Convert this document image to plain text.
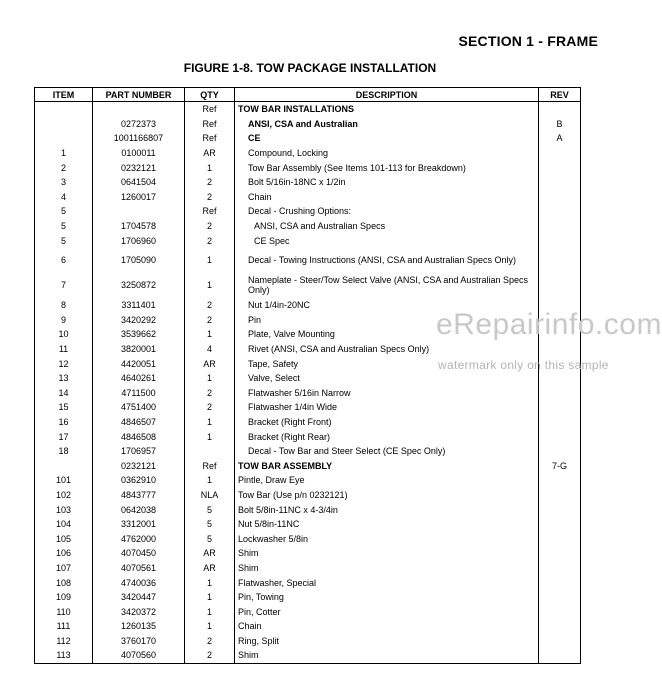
SECTION 1 - FRAME
FIGURE 1-8. TOW PACKAGE INSTALLATION
ITEM	PART NUMBER	QTY	DESCRIPTION	REV
		Ref	TOW BAR INSTALLATIONS	
	0272373	Ref	ANSI, CSA and Australian	B
	1001166807	Ref	CE	A
1	0100011	AR	Compound, Locking	
2	0232121	1	Tow Bar Assembly (See Items 101-113 for Breakdown)	
3	0641504	2	Bolt 5/16in-18NC x 1/2in	
4	1260017	2	Chain	
5		Ref	Decal - Crushing Options:	
5	1704578	2	ANSI, CSA and Australian Specs	
5	1706960	2	CE Spec	
6	1705090	1	Decal - Towing Instructions (ANSI, CSA and Australian Specs Only)	
7	3250872	1	Nameplate - Steer/Tow Select Valve (ANSI, CSA and Australian Specs Only)	
8	3311401	2	Nut 1/4in-20NC	
9	3420292	2	Pin	
10	3539662	1	Plate, Valve Mounting	
11	3820001	4	Rivet (ANSI, CSA and Australian Specs Only)	
12	4420051	AR	Tape, Safety	
13	4640261	1	Valve, Select	
14	4711500	2	Flatwasher 5/16in Narrow	
15	4751400	2	Flatwasher 1/4in Wide	
16	4846507	1	Bracket (Right Front)	
17	4846508	1	Bracket (Right Rear)	
18	1706957		Decal - Tow Bar and Steer Select (CE Spec Only)	
	0232121	Ref	TOW BAR ASSEMBLY	7-G
101	0362910	1	Pintle, Draw Eye	
102	4843777	NLA	Tow Bar (Use p/n 0232121)	
103	0642038	5	Bolt 5/8in-11NC x 4-3/4in	
104	3312001	5	Nut 5/8in-11NC	
105	4762000	5	Lockwasher 5/8in	
106	4070450	AR	Shim	
107	4070561	AR	Shim	
108	4740036	1	Flatwasher, Special	
109	3420447	1	Pin, Towing	
110	3420372	1	Pin, Cotter	
111	1260135	1	Chain	
112	3760170	2	Ring, Split	
113	4070560	2	Shim	
eRepairinfo.com
watermark only on this sample
